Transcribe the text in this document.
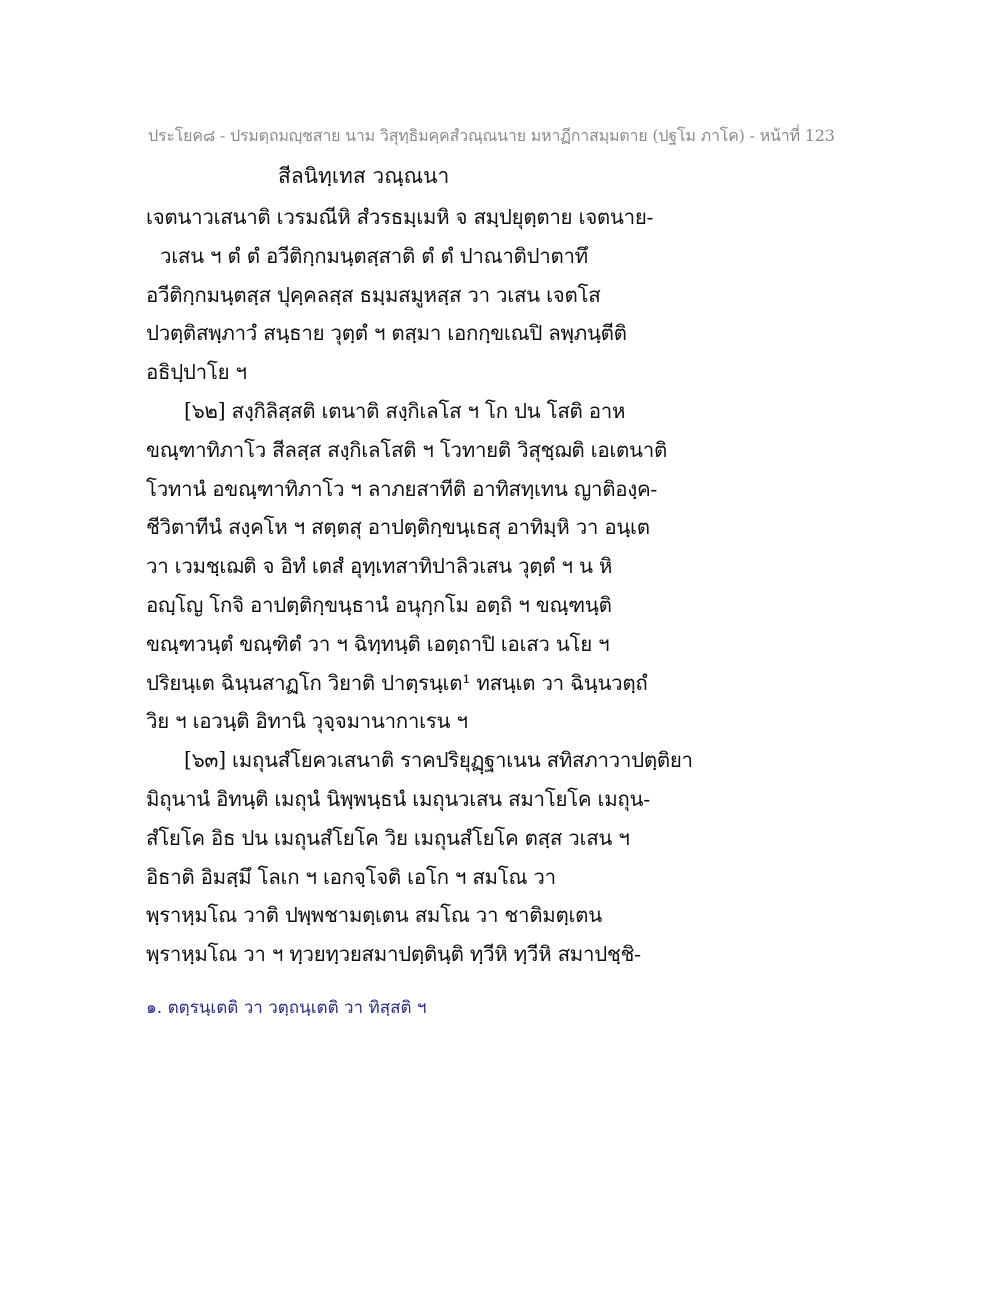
ประโยค๘ - ปรมตฺถมญฺชสาย นาม วิสุทฺธิมคฺคสํวณฺณนาย มหาฏีกาสมฺมตาย (ปฐโม ภาโค) - หน้าที่ 123
สีลนิทฺเทส วณฺณนา
เจตนาวเสนาติ เวรมณีหิ สํวรธมฺเมหิ จ สมฺปยุตฺตาย เจตนาย-
วเสน ฯ ตํ ตํ อวีติกฺกมนฺตสฺสาติ ตํ ตํ ปาณาติปาตาทึ
อวีติกฺกมนฺตสฺส ปุคฺคลสฺส ธมฺมสมูหสฺส วา วเสน เจตโส
ปวตฺติสพฺภาวํ สนฺธาย วุตฺตํ ฯ ตสฺมา เอกกฺขเณปิ ลพฺภนฺตีติ
อธิปฺปาโย ฯ
[๖๒] สงฺกิลิสฺสติ เตนาติ สงฺกิเลโส ฯ โก ปน โสติ อาห
ขณฺฑาทิภาโว สีลสฺส สงฺกิเลโสติ ฯ โวทายติ วิสุชฺฌติ เอเตนาติ
โวทานํ อขณฺฑาทิภาโว ฯ ลาภยสาทีติ อาทิสทฺเทน ญาติองฺค-
ชีวิตาทีนํ สงฺคโห ฯ สตฺตสุ อาปตฺติกฺขนฺเธสุ อาทิมฺหิ วา อนฺเต
วา เวมชฺเฌติ จ อิทํ เตสํ อุทฺเทสาทิปาลิวเสน วุตฺตํ ฯ น หิ
อญฺโญ โกจิ อาปตฺติกฺขนฺธานํ อนุกฺกโม อตฺถิ ฯ ขณฺฑนฺติ
ขณฺฑวนฺตํ ขณฺฑิตํ วา ฯ ฉิทฺทนฺติ เอตฺถาปิ เอเสว นโย ฯ
ปริยนฺเต ฉินฺนสาฏโก วิยาติ ปาตฺรนฺเต¹ ทสนฺเต วา ฉินฺนวตฺถํ
วิย ฯ เอวนฺติ อิทานิ วุจฺจมานากาเรน ฯ
[๖๓] เมถุนสํโยควเสนาติ ราคปริยุฏฺฐาเนน สทิสภาวาปตฺติยา
มิถุนานํ อิทนฺติ เมถุนํ นิพฺพนฺธนํ เมถุนวเสน สมาโยโค เมถุน-
สํโยโค อิธ ปน เมถุนสํโยโค วิย เมถุนสํโยโค ตสฺส วเสน ฯ
อิธาติ อิมสฺมึ โลเก ฯ เอกจฺโจติ เอโก ฯ สมโณ วา
พฺราหฺมโณ วาติ ปพฺพชามตฺเตน สมโณ วา ชาติมตฺเตน
พฺราหฺมโณ วา ฯ ทฺวยทฺวยสมาปตฺตินฺติ ทฺวีหิ ทฺวีหิ สมาปชฺชิ-
๑. ตตฺรนฺเตติ วา วตฺถนฺเตติ วา ทิสฺสติ ฯ
